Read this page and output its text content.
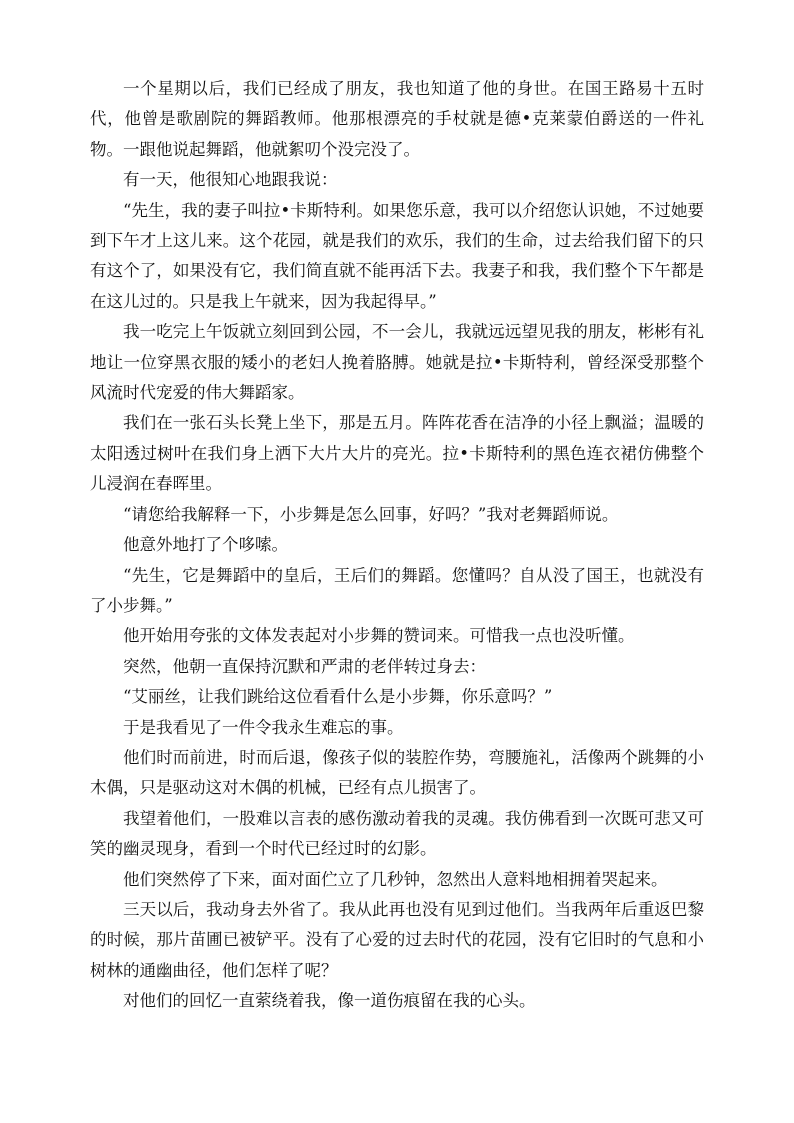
一个星期以后，我们已经成了朋友，我也知道了他的身世。在国王路易十五时代，他曾是歌剧院的舞蹈教师。他那根漂亮的手杖就是德•克莱蒙伯爵送的一件礼物。一跟他说起舞蹈，他就絮叨个没完没了。

有一天，他很知心地跟我说：

“先生，我的妻子叫拉•卡斯特利。如果您乐意，我可以介绍您认识她，不过她要到下午才上这儿来。这个花园，就是我们的欢乐，我们的生命，过去给我们留下的只有这个了，如果没有它，我们简直就不能再活下去。我妻子和我，我们整个下午都是在这儿过的。只是我上午就来，因为我起得早。”

我一吃完上午饭就立刻回到公园，不一会儿，我就远远望见我的朋友，彬彬有礼地让一位穿黑衣服的矮小的老妇人挽着胳膊。她就是拉•卡斯特利，曾经深受那整个风流时代宠爱的伟大舞蹈家。

我们在一张石头长凳上坐下，那是五月。阵阵花香在洁净的小径上飘溢；温暖的太阳透过树叶在我们身上洒下大片大片的亮光。拉•卡斯特利的黑色连衣裙仿佛整个儿浸润在春晖里。

“请您给我解释一下，小步舞是怎么回事，好吗？”我对老舞蹈师说。

他意外地打了个哆嗦。

“先生，它是舞蹈中的皇后，王后们的舞蹈。您懂吗？自从没了国王，也就没有了小步舞。”

他开始用夸张的文体发表起对小步舞的赞词来。可惜我一点也没听懂。

突然，他朝一直保持沉默和严肃的老伴转过身去：

“艾丽丝，让我们跳给这位看看什么是小步舞，你乐意吗？”

于是我看见了一件令我永生难忘的事。

他们时而前进，时而后退，像孩子似的装腔作势，弯腰施礼，活像两个跳舞的小木偶，只是驱动这对木偶的机械，已经有点儿损害了。

我望着他们，一股难以言表的感伤激动着我的灵魂。我仿佛看到一次既可悲又可笑的幽灵现身，看到一个时代已经过时的幻影。

他们突然停了下来，面对面伫立了几秒钟，忽然出人意料地相拥着哭起来。

三天以后，我动身去外省了。我从此再也没有见到过他们。当我两年后重返巴黎的时候，那片苗圃已被铲平。没有了心爱的过去时代的花园，没有它旧时的气息和小树林的通幽曲径，他们怎样了呢？

对他们的回忆一直萦绕着我，像一道伤痕留在我的心头。
